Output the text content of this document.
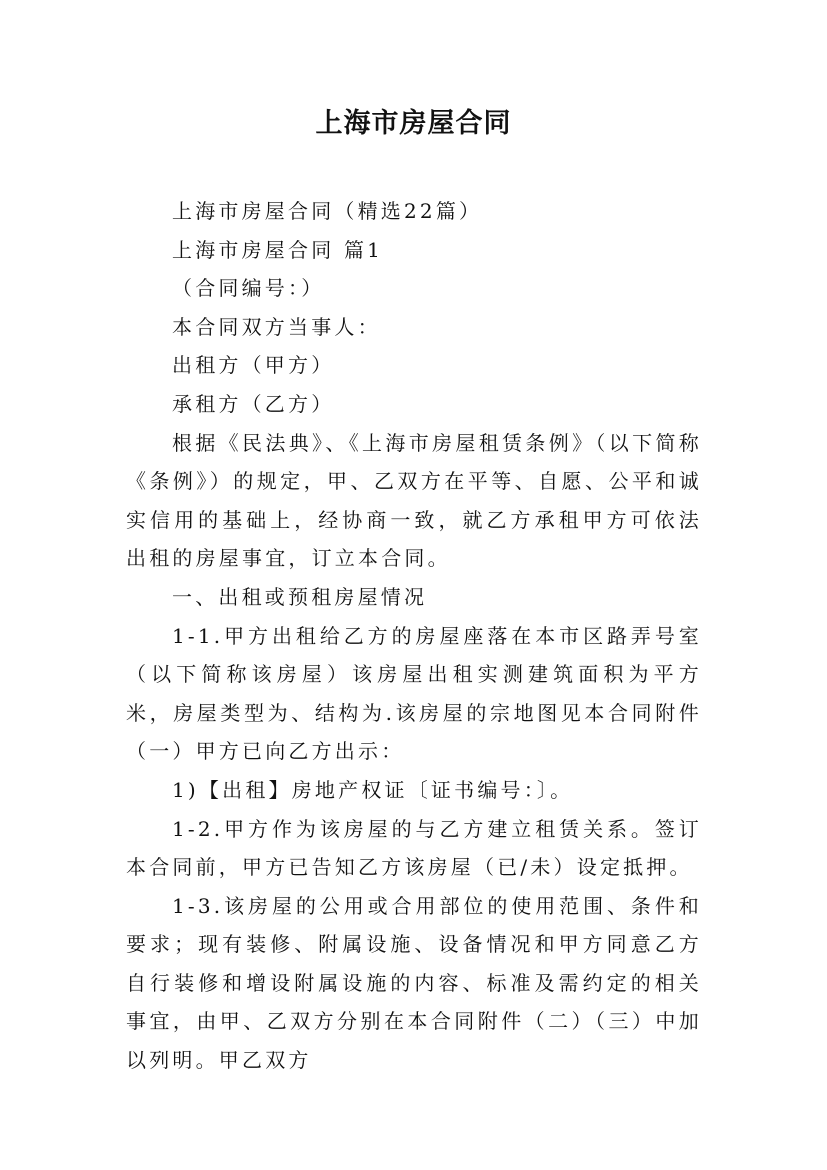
上海市房屋合同

上海市房屋合同（精选22篇）

上海市房屋合同 篇1

（合同编号：）

本合同双方当事人：

出租方（甲方）

承租方（乙方）

根据《民法典》、《上海市房屋租赁条例》（以下简称《条例》）的规定，甲、乙双方在平等、自愿、公平和诚实信用的基础上，经协商一致，就乙方承租甲方可依法出租的房屋事宜，订立本合同。

一、出租或预租房屋情况

1-1.甲方出租给乙方的房屋座落在本市区路弄号室（以下简称该房屋）该房屋出租实测建筑面积为平方米，房屋类型为、结构为.该房屋的宗地图见本合同附件（一）甲方已向乙方出示：

1)【出租】房地产权证〔证书编号：〕。

1-2.甲方作为该房屋的与乙方建立租赁关系。签订本合同前，甲方已告知乙方该房屋（已/未）设定抵押。

1-3.该房屋的公用或合用部位的使用范围、条件和要求；现有装修、附属设施、设备情况和甲方同意乙方自行装修和增设附属设施的内容、标准及需约定的相关事宜，由甲、乙双方分别在本合同附件（二）（三）中加以列明。甲乙双方
